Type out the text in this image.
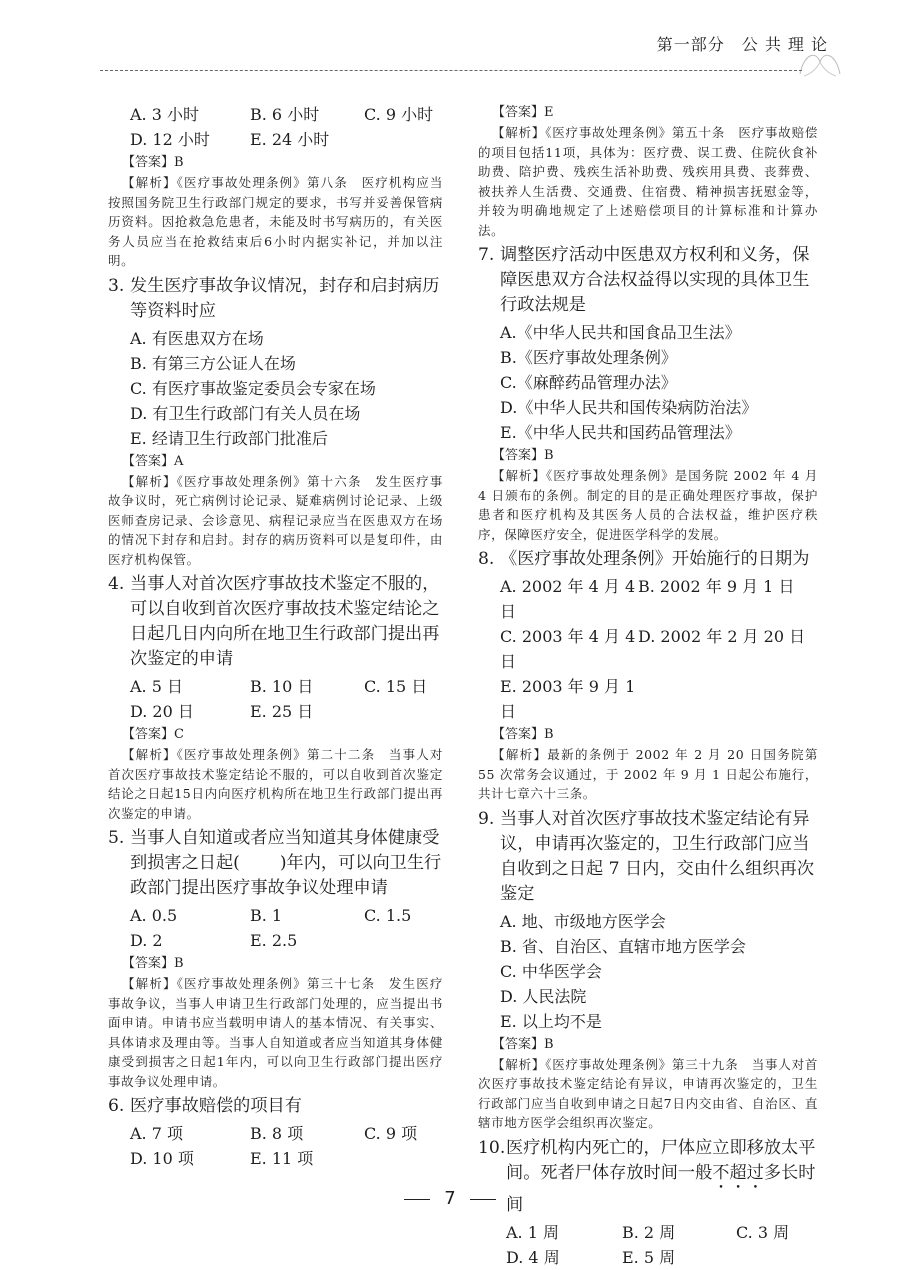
第一部分　公 共 理 论
A. 3 小时	B. 6 小时	C. 9 小时
D. 12 小时	E. 24 小时
【答案】B
【解析】《医疗事故处理条例》第八条　医疗机构应当按照国务院卫生行政部门规定的要求，书写并妥善保管病历资料。因抢救急危患者，未能及时书写病历的，有关医务人员应当在抢救结束后6小时内据实补记，并加以注明。
3. 发生医疗事故争议情况，封存和启封病历等资料时应
A. 有医患双方在场
B. 有第三方公证人在场
C. 有医疗事故鉴定委员会专家在场
D. 有卫生行政部门有关人员在场
E. 经请卫生行政部门批准后
【答案】A
【解析】《医疗事故处理条例》第十六条　发生医疗事故争议时，死亡病例讨论记录、疑难病例讨论记录、上级医师查房记录、会诊意见、病程记录应当在医患双方在场的情况下封存和启封。封存的病历资料可以是复印件，由医疗机构保管。
4. 当事人对首次医疗事故技术鉴定不服的，可以自收到首次医疗事故技术鉴定结论之日起几日内向所在地卫生行政部门提出再次鉴定的申请
A. 5 日	B. 10 日	C. 15 日
D. 20 日	E. 25 日
【答案】C
【解析】《医疗事故处理条例》第二十二条　当事人对首次医疗事故技术鉴定结论不服的，可以自收到首次鉴定结论之日起15日内向医疗机构所在地卫生行政部门提出再次鉴定的申请。
5. 当事人自知道或者应当知道其身体健康受到损害之日起( )年内，可以向卫生行政部门提出医疗事故争议处理申请
A. 0.5	B. 1	C. 1.5
D. 2	E. 2.5
【答案】B
【解析】《医疗事故处理条例》第三十七条　发生医疗事故争议，当事人申请卫生行政部门处理的，应当提出书面申请。申请书应当载明申请人的基本情况、有关事实、具体请求及理由等。当事人自知道或者应当知道其身体健康受到损害之日起1年内，可以向卫生行政部门提出医疗事故争议处理申请。
6. 医疗事故赔偿的项目有
A. 7 项	B. 8 项	C. 9 项
D. 10 项	E. 11 项
【答案】E
【解析】《医疗事故处理条例》第五十条　医疗事故赔偿的项目包括11项，具体为：医疗费、误工费、住院伙食补助费、陪护费、残疾生活补助费、残疾用具费、丧葬费、被扶养人生活费、交通费、住宿费、精神损害抚慰金等，并较为明确地规定了上述赔偿项目的计算标准和计算办法。
7. 调整医疗活动中医患双方权利和义务，保障医患双方合法权益得以实现的具体卫生行政法规是
A.《中华人民共和国食品卫生法》
B.《医疗事故处理条例》
C.《麻醉药品管理办法》
D.《中华人民共和国传染病防治法》
E.《中华人民共和国药品管理法》
【答案】B
【解析】《医疗事故处理条例》是国务院 2002 年 4 月 4 日颁布的条例。制定的目的是正确处理医疗事故，保护患者和医疗机构及其医务人员的合法权益，维护医疗秩序，保障医疗安全，促进医学科学的发展。
8. 《医疗事故处理条例》开始施行的日期为
A. 2002 年 4 月 4 日
B. 2002 年 9 月 1 日
C. 2003 年 4 月 4 日
D. 2002 年 2 月 20 日
E. 2003 年 9 月 1 日
【答案】B
【解析】最新的条例于 2002 年 2 月 20 日国务院第 55 次常务会议通过，于 2002 年 9 月 1 日起公布施行，共计七章六十三条。
9. 当事人对首次医疗事故技术鉴定结论有异议，申请再次鉴定的，卫生行政部门应当自收到之日起 7 日内，交由什么组织再次鉴定
A. 地、市级地方医学会
B. 省、自治区、直辖市地方医学会
C. 中华医学会
D. 人民法院
E. 以上均不是
【答案】B
【解析】《医疗事故处理条例》第三十九条　当事人对首次医疗事故技术鉴定结论有异议，申请再次鉴定的，卫生行政部门应当自收到申请之日起7日内交由省、自治区、直辖市地方医学会组织再次鉴定。
10. 医疗机构内死亡的，尸体应立即移放太平间。死者尸体存放时间一般不超过多长时间
A. 1 周	B. 2 周	C. 3 周
D. 4 周	E. 5 周
7
